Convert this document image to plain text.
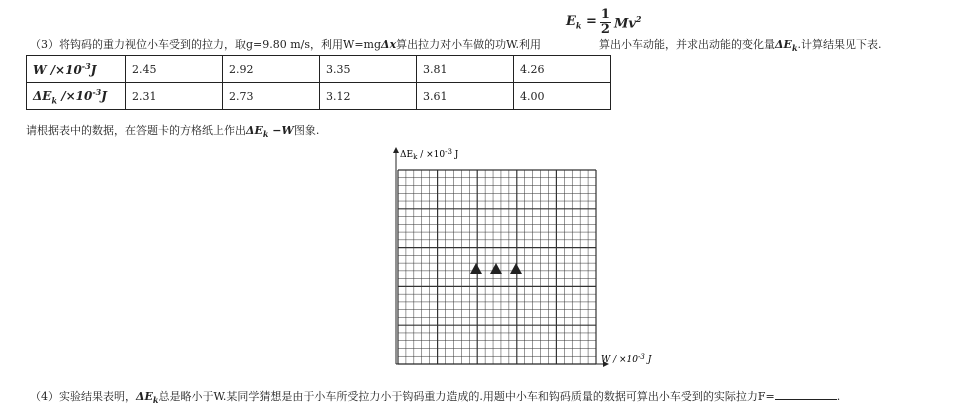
$E_k = \frac{1}{2} Mv^2$
（3）将钩码的重力视位小车受到的拉力，取g=9.80 m/s，利用W=mgΔx算出拉力对小车做的功W.利用	算出小车动能，并求出动能的变化量$\Delta E_k$.计算结果见下表.
W $/\times 10^{-3}J$	2.45	2.92	3.35	3.81	4.26
$\Delta E_k$ $/\times 10^{-3}J$	2.31	2.73	3.12	3.61	4.00
请根据表中的数据，在答题卡的方格纸上作出$\Delta E_k -W$图象.
$\Delta E_k / \times 10^{-3}$ J
$W / \times 10^{-3}$ J
（4）实验结果表明，$\Delta E_k$总是略小于W.某同学猜想是由于小车所受拉力小于钩码重力造成的.用题中小车和钩码质量的数据可算出小车受到的实际拉力F=	.
